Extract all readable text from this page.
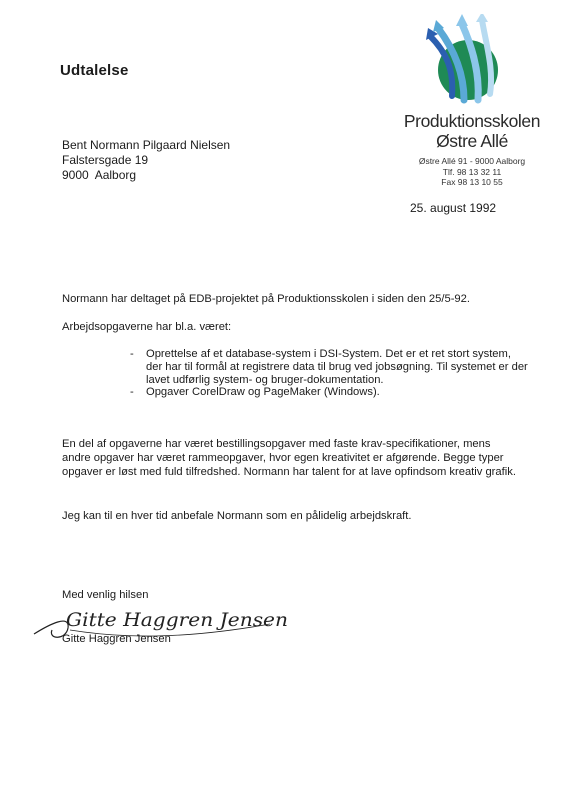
Udtalelse
Bent Normann Pilgaard Nielsen
Falstersgade 19
9000  Aalborg
Produktionsskolen
Østre Allé
Østre Allé 91 - 9000 Aalborg
Tlf. 98 13 32 11
Fax 98 13 10 55
25. august 1992
Normann har deltaget på EDB-projektet på Produktionsskolen i siden den 25/5-92.
Arbejdsopgaverne har bl.a. været:
- Oprettelse af et database-system i DSI-System. Det er et ret stort system, der har til formål at registrere data til brug ved jobsøgning. Til systemet er der lavet udførlig system- og bruger-dokumentation.
- Opgaver CorelDraw og PageMaker (Windows).
En del af opgaverne har været bestillingsopgaver med faste krav-specifikationer, mens andre opgaver har været rammeopgaver, hvor egen kreativitet er afgørende. Begge typer opgaver er løst med fuld tilfredshed. Normann har talent for at lave opfindsom kreativ grafik.
Jeg kan til en hver tid anbefale Normann som en pålidelig arbejdskraft.
Med venlig hilsen
Gitte Haggren Jensen
Gitte Haggren Jensen
